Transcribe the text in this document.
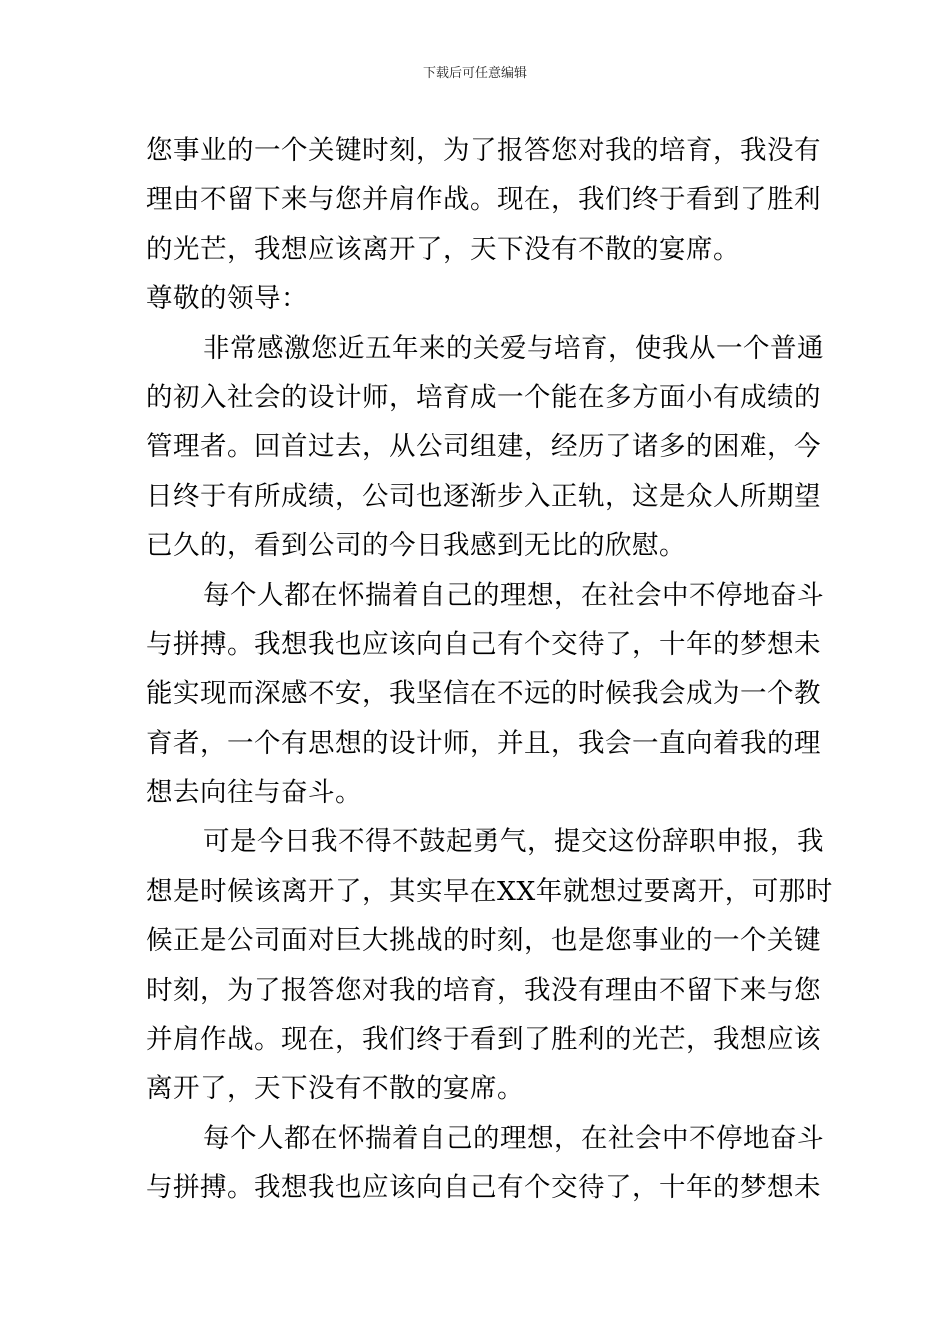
下载后可任意编辑
您事业的一个关键时刻，为了报答您对我的培育，我没有
理由不留下来与您并肩作战。现在，我们终于看到了胜利
的光芒，我想应该离开了，天下没有不散的宴席。
尊敬的领导：
非常感激您近五年来的关爱与培育，使我从一个普通
的初入社会的设计师，培育成一个能在多方面小有成绩的
管理者。回首过去，从公司组建，经历了诸多的困难，今
日终于有所成绩，公司也逐渐步入正轨，这是众人所期望
已久的，看到公司的今日我感到无比的欣慰。
每个人都在怀揣着自己的理想，在社会中不停地奋斗
与拼搏。我想我也应该向自己有个交待了，十年的梦想未
能实现而深感不安，我坚信在不远的时候我会成为一个教
育者，一个有思想的设计师，并且，我会一直向着我的理
想去向往与奋斗。
可是今日我不得不鼓起勇气，提交这份辞职申报，我
想是时候该离开了，其实早在XX年就想过要离开，可那时
候正是公司面对巨大挑战的时刻，也是您事业的一个关键
时刻，为了报答您对我的培育，我没有理由不留下来与您
并肩作战。现在，我们终于看到了胜利的光芒，我想应该
离开了，天下没有不散的宴席。
每个人都在怀揣着自己的理想，在社会中不停地奋斗
与拼搏。我想我也应该向自己有个交待了，十年的梦想未
